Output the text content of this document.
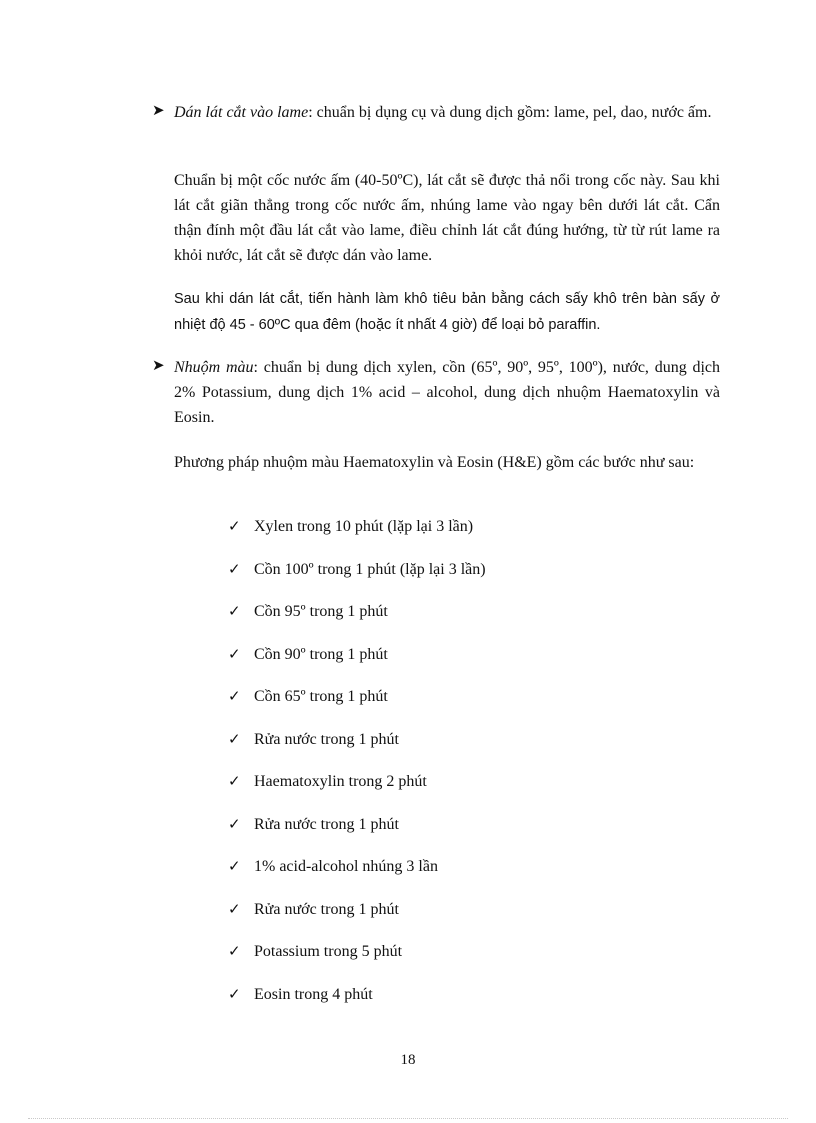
➤ Dán lát cắt vào lame: chuẩn bị dụng cụ và dung dịch gồm: lame, pel, dao, nước ấm.
Chuẩn bị một cốc nước ấm (40-50ºC), lát cắt sẽ được thả nổi trong cốc này. Sau khi lát cắt giãn thẳng trong cốc nước ấm, nhúng lame vào ngay bên dưới lát cắt. Cẩn thận đính một đầu lát cắt vào lame, điều chỉnh lát cắt đúng hướng, từ từ rút lame ra khỏi nước, lát cắt sẽ được dán vào lame.
Sau khi dán lát cắt, tiến hành làm khô tiêu bản bằng cách sấy khô trên bàn sấy ở nhiệt độ 45 - 60ºC qua đêm (hoặc ít nhất 4 giờ) để loại bỏ paraffin.
➤ Nhuộm màu: chuẩn bị dung dịch xylen, cồn (65º, 90º, 95º, 100º), nước, dung dịch 2% Potassium, dung dịch 1% acid – alcohol, dung dịch nhuộm Haematoxylin và Eosin.
Phương pháp nhuộm màu Haematoxylin và Eosin (H&E) gồm các bước như sau:
✓ Xylen trong 10 phút (lặp lại 3 lần)
✓ Cồn 100º trong 1 phút (lặp lại 3 lần)
✓ Cồn 95º trong 1 phút
✓ Cồn 90º trong 1 phút
✓ Cồn 65º trong 1 phút
✓ Rửa nước trong 1 phút
✓ Haematoxylin trong 2 phút
✓ Rửa nước trong 1 phút
✓ 1% acid-alcohol nhúng 3 lần
✓ Rửa nước trong 1 phút
✓ Potassium trong 5 phút
✓ Eosin trong 4 phút
18
